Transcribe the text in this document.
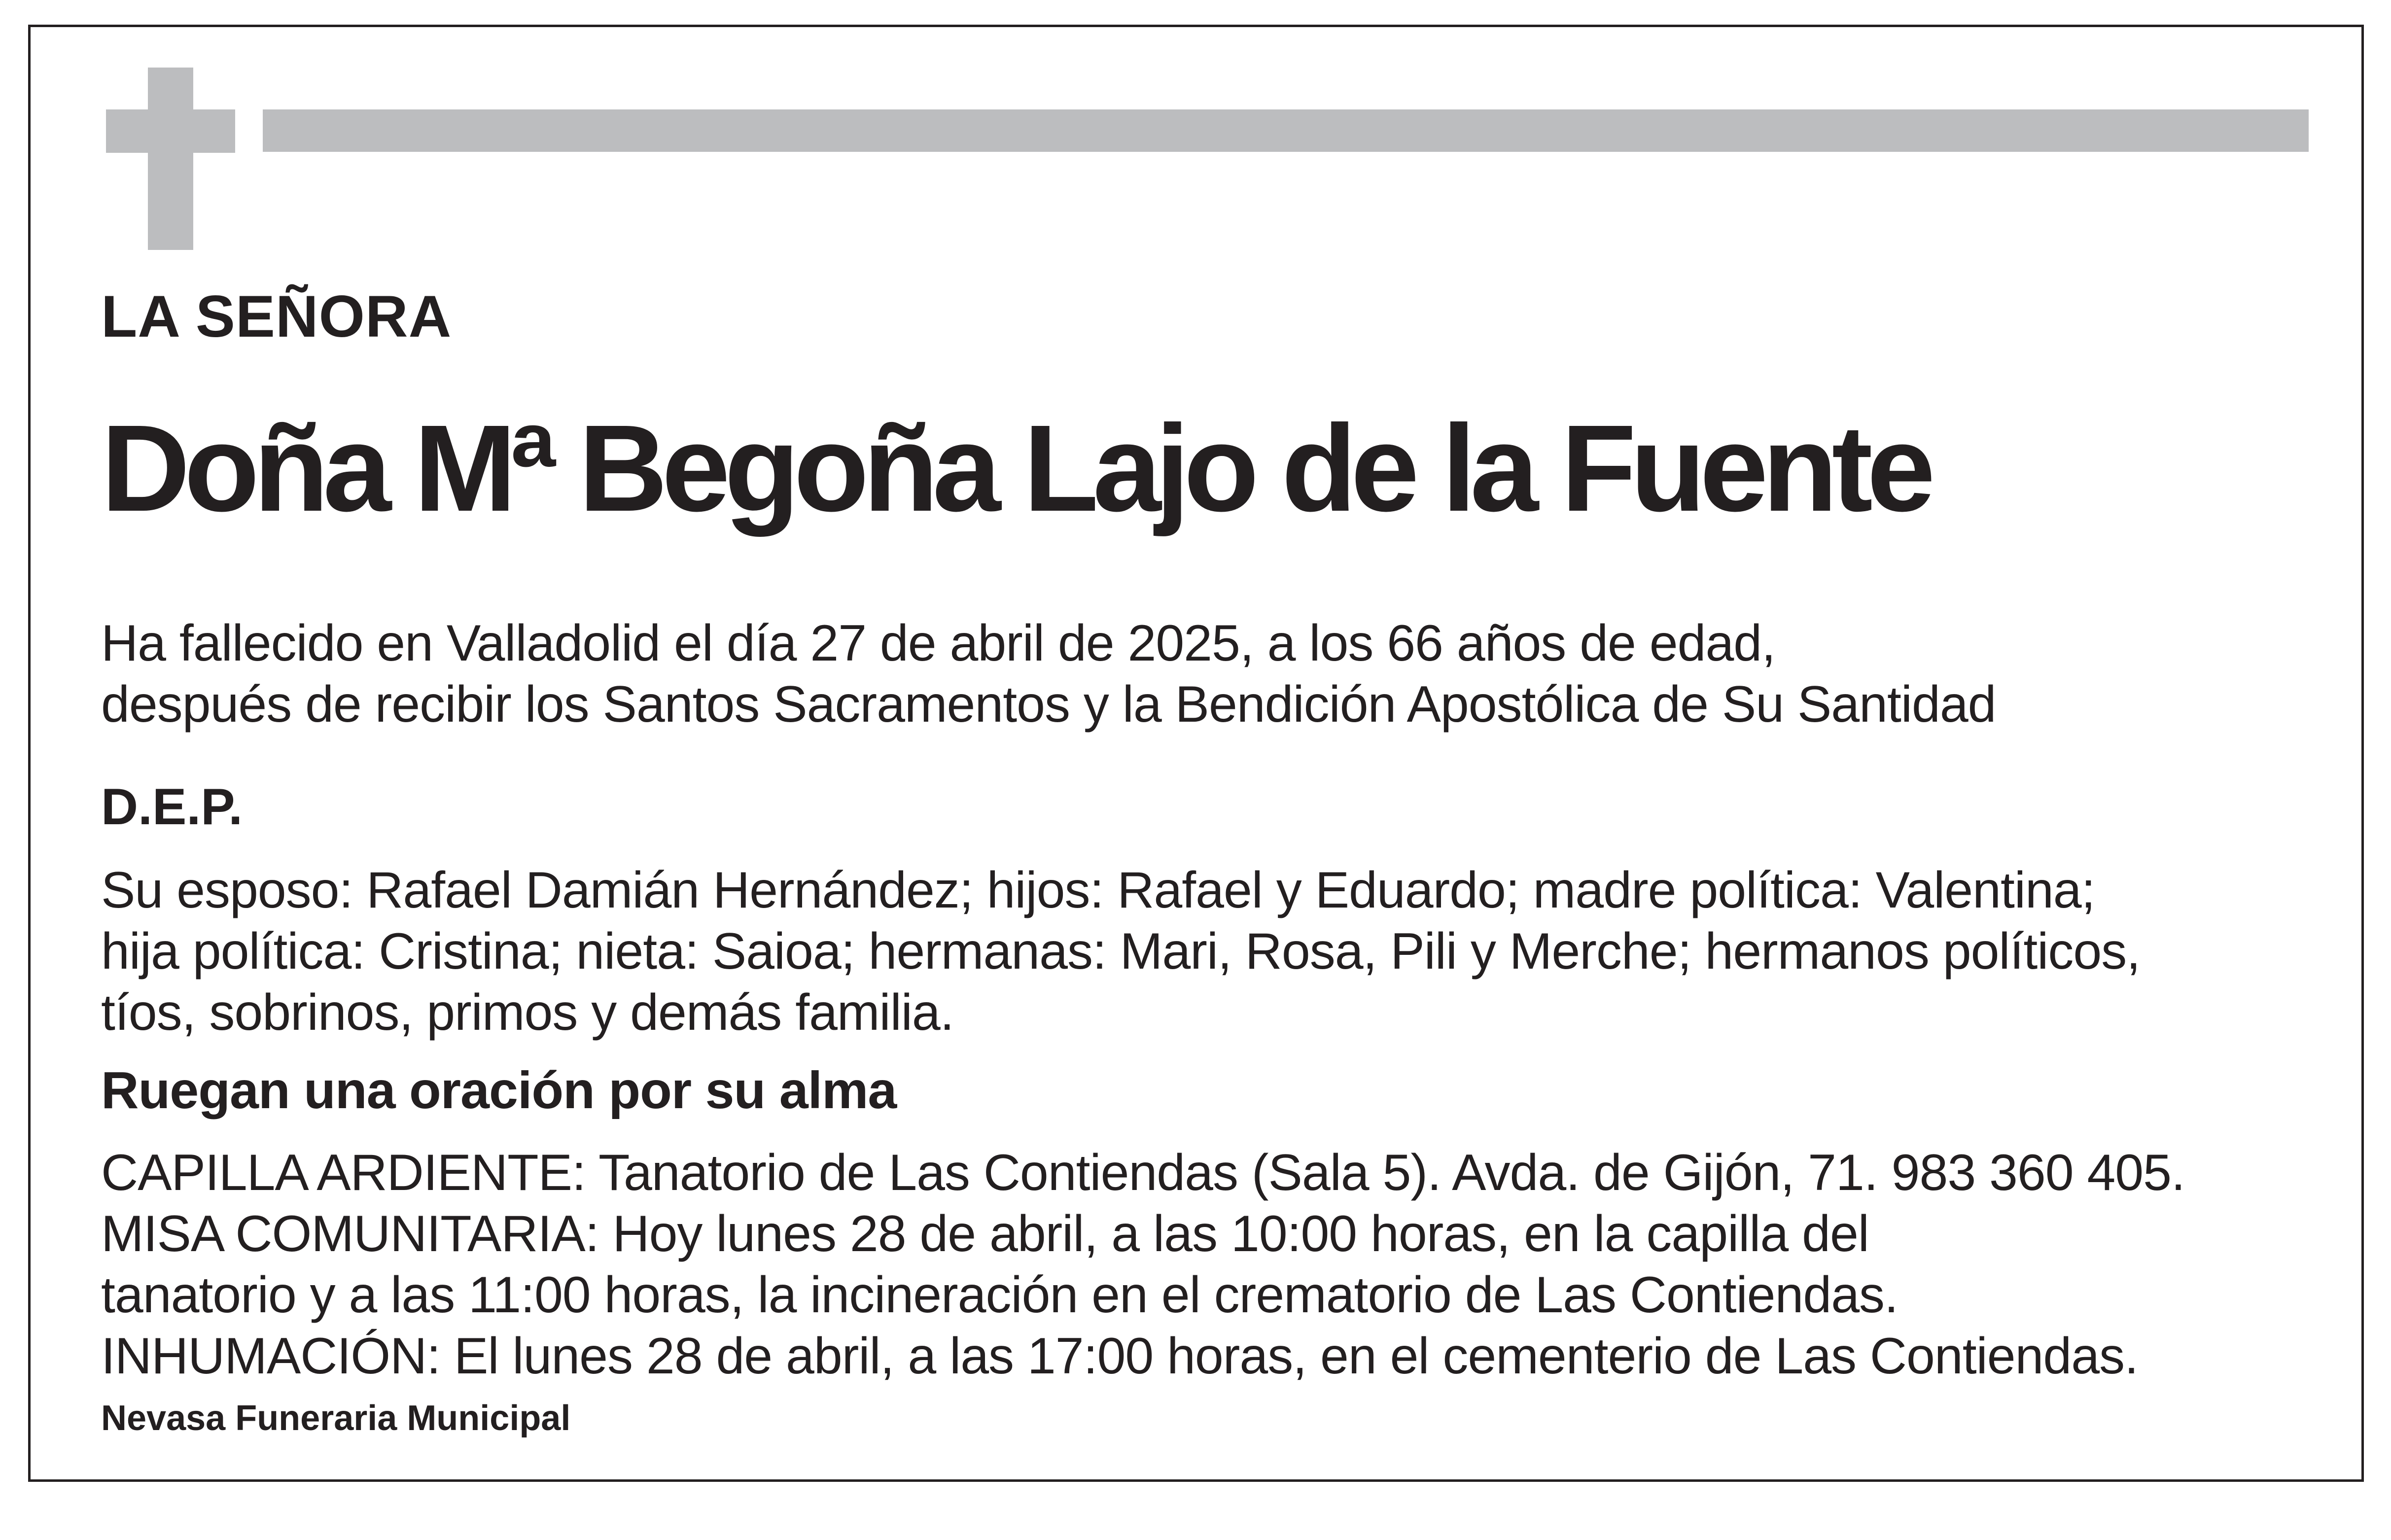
LA SEÑORA

Doña Mª Begoña Lajo de la Fuente

Ha fallecido en Valladolid el día 27 de abril de 2025, a los 66 años de edad,
después de recibir los Santos Sacramentos y la Bendición Apostólica de Su Santidad

D.E.P.

Su esposo: Rafael Damián Hernández; hijos: Rafael y Eduardo; madre política: Valentina;
hija política: Cristina; nieta: Saioa; hermanas: Mari, Rosa, Pili y Merche; hermanos políticos,
tíos, sobrinos, primos y demás familia.

Ruegan una oración por su alma

CAPILLA ARDIENTE: Tanatorio de Las Contiendas (Sala 5). Avda. de Gijón, 71. 983 360 405.
MISA COMUNITARIA: Hoy lunes 28 de abril, a las 10:00 horas, en la capilla del
tanatorio y a las 11:00 horas, la incineración en el crematorio de Las Contiendas.
INHUMACIÓN: El lunes 28 de abril, a las 17:00 horas, en el cementerio de Las Contiendas.

Nevasa Funeraria Municipal
